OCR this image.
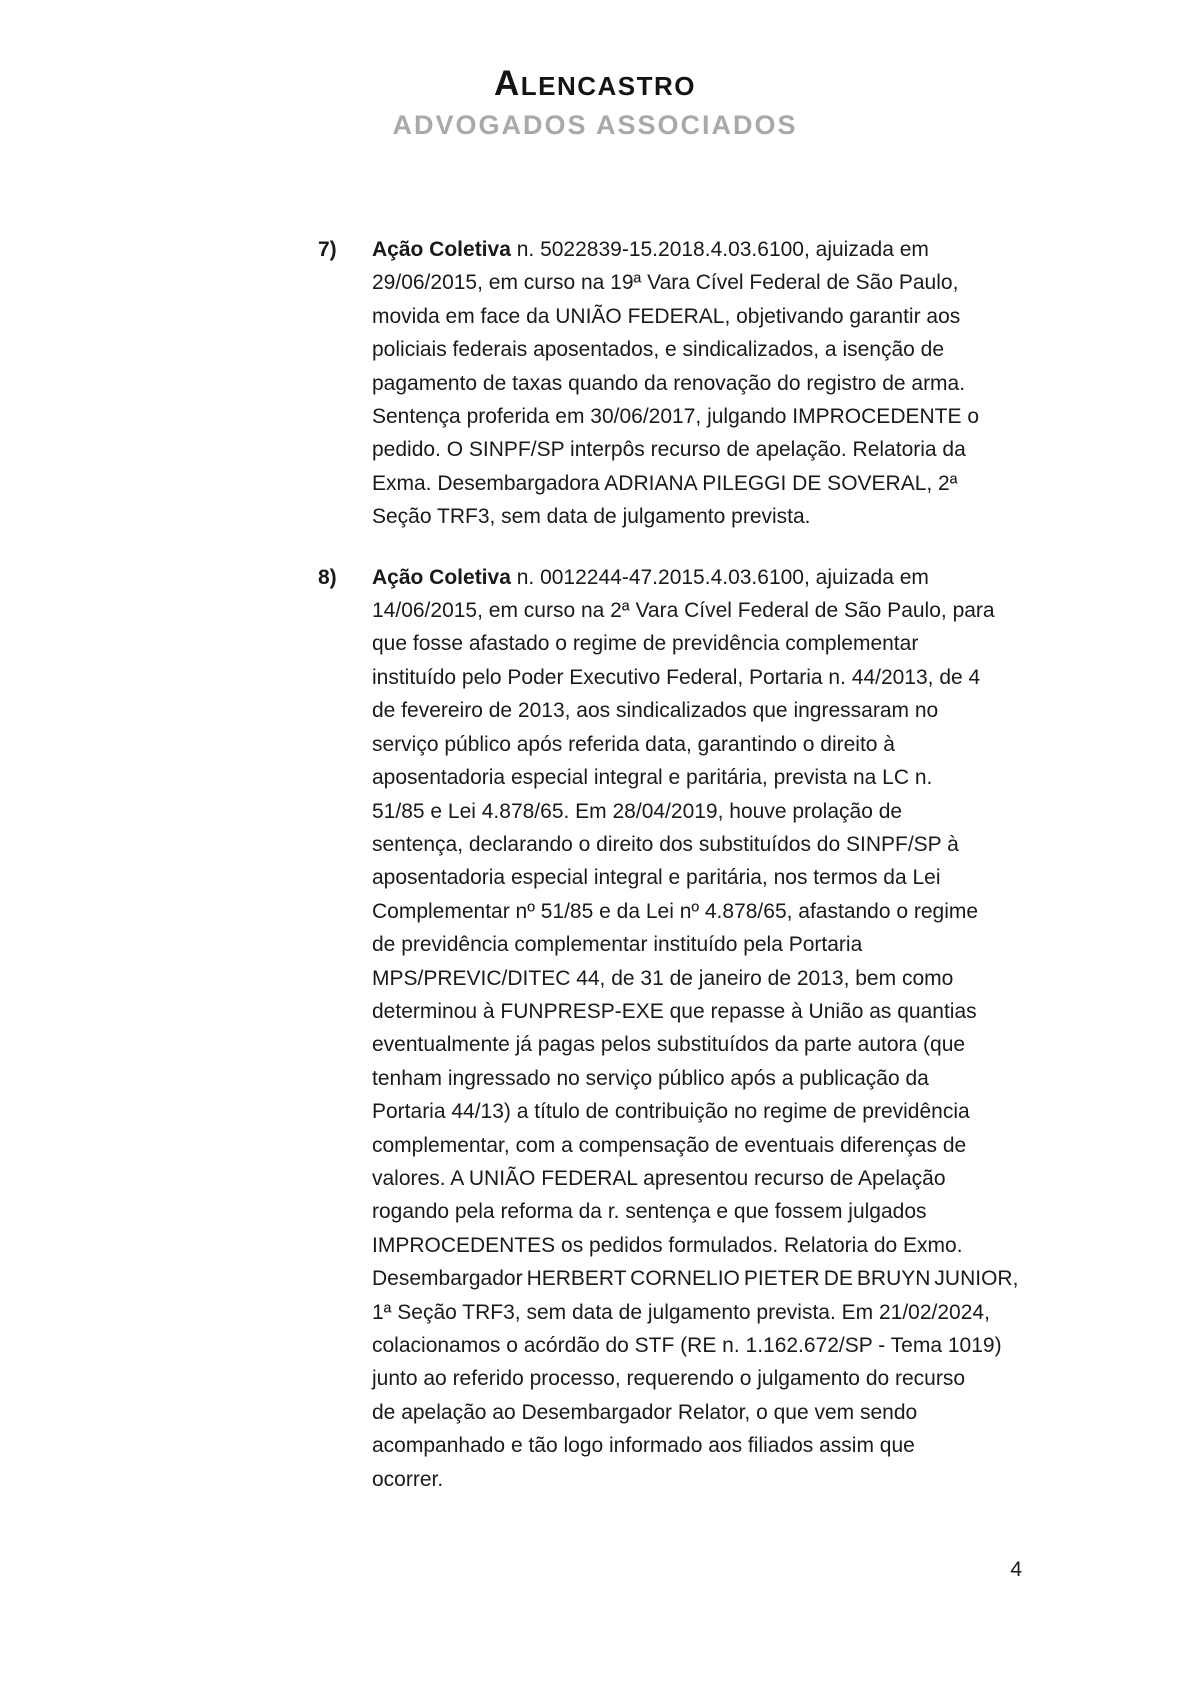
ALENCASTRO
ADVOGADOS ASSOCIADOS
7)	Ação Coletiva n. 5022839-15.2018.4.03.6100, ajuizada em
29/06/2015, em curso na 19ª Vara Cível Federal de São Paulo,
movida em face da UNIÃO FEDERAL, objetivando garantir aos
policiais federais aposentados, e sindicalizados, a isenção de
pagamento de taxas quando da renovação do registro de arma.
Sentença proferida em 30/06/2017, julgando IMPROCEDENTE o
pedido. O SINPF/SP interpôs recurso de apelação. Relatoria da
Exma. Desembargadora ADRIANA PILEGGI DE SOVERAL, 2ª
Seção TRF3, sem data de julgamento prevista.
8)	Ação Coletiva n. 0012244-47.2015.4.03.6100, ajuizada em
14/06/2015, em curso na 2ª Vara Cível Federal de São Paulo, para
que fosse afastado o regime de previdência complementar
instituído pelo Poder Executivo Federal, Portaria n. 44/2013, de 4
de fevereiro de 2013, aos sindicalizados que ingressaram no
serviço público após referida data, garantindo o direito à
aposentadoria especial integral e paritária, prevista na LC n.
51/85 e Lei 4.878/65. Em 28/04/2019, houve prolação de
sentença, declarando o direito dos substituídos do SINPF/SP à
aposentadoria especial integral e paritária, nos termos da Lei
Complementar nº 51/85 e da Lei nº 4.878/65, afastando o regime
de previdência complementar instituído pela Portaria
MPS/PREVIC/DITEC 44, de 31 de janeiro de 2013, bem como
determinou à FUNPRESP-EXE que repasse à União as quantias
eventualmente já pagas pelos substituídos da parte autora (que
tenham ingressado no serviço público após a publicação da
Portaria 44/13) a título de contribuição no regime de previdência
complementar, com a compensação de eventuais diferenças de
valores. A UNIÃO FEDERAL apresentou recurso de Apelação
rogando pela reforma da r. sentença e que fossem julgados
IMPROCEDENTES os pedidos formulados. Relatoria do Exmo.
Desembargador HERBERT CORNELIO PIETER DE BRUYN JUNIOR,
1ª Seção TRF3, sem data de julgamento prevista. Em 21/02/2024,
colacionamos o acórdão do STF (RE n. 1.162.672/SP - Tema 1019)
junto ao referido processo, requerendo o julgamento do recurso
de apelação ao Desembargador Relator, o que vem sendo
acompanhado e tão logo informado aos filiados assim que
ocorrer.
4
